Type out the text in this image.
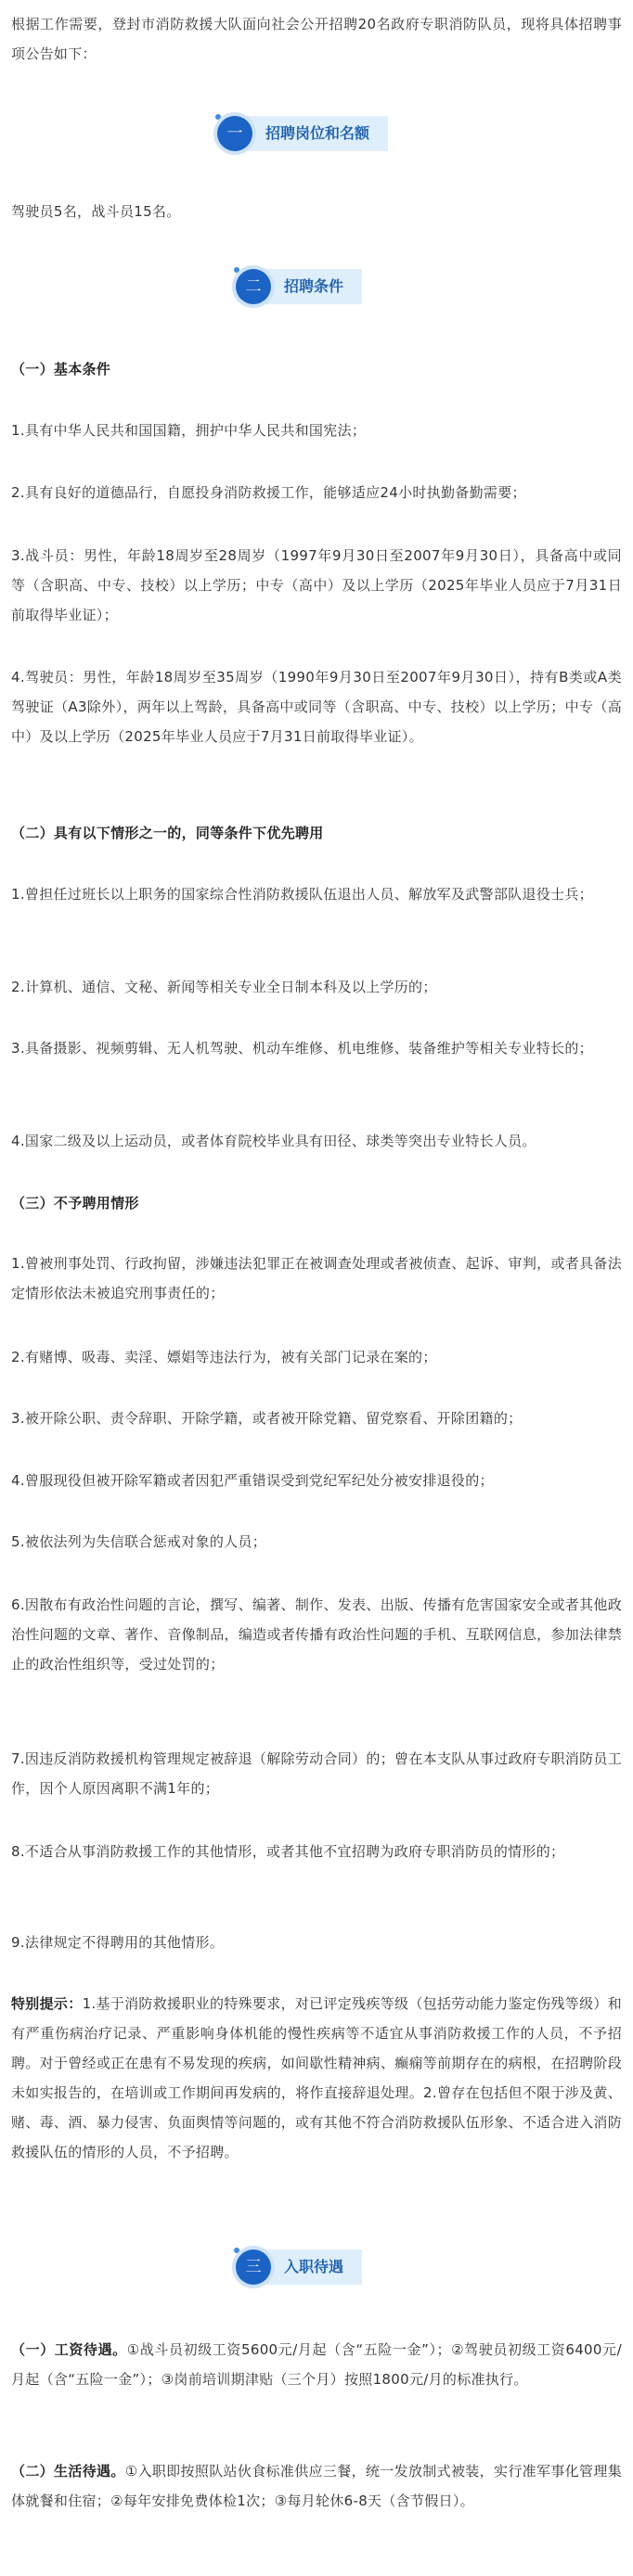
根据工作需要，登封市消防救援大队面向社会公开招聘20名政府专职消防队员，现将具体招聘事项公告如下：

一	招聘岗位和名额

驾驶员5名，战斗员15名。

二	招聘条件

（一）基本条件

1.具有中华人民共和国国籍，拥护中华人民共和国宪法；

2.具有良好的道德品行，自愿投身消防救援工作，能够适应24小时执勤备勤需要；

3.战斗员：男性，年龄18周岁至28周岁（1997年9月30日至2007年9月30日），具备高中或同等（含职高、中专、技校）以上学历；中专（高中）及以上学历（2025年毕业人员应于7月31日前取得毕业证）；

4.驾驶员：男性，年龄18周岁至35周岁（1990年9月30日至2007年9月30日），持有B类或A类驾驶证（A3除外），两年以上驾龄，具备高中或同等（含职高、中专、技校）以上学历；中专（高中）及以上学历（2025年毕业人员应于7月31日前取得毕业证）。

（二）具有以下情形之一的，同等条件下优先聘用

1.曾担任过班长以上职务的国家综合性消防救援队伍退出人员、解放军及武警部队退役士兵；

2.计算机、通信、文秘、新闻等相关专业全日制本科及以上学历的；

3.具备摄影、视频剪辑、无人机驾驶、机动车维修、机电维修、装备维护等相关专业特长的；

4.国家二级及以上运动员，或者体育院校毕业具有田径、球类等突出专业特长人员。

（三）不予聘用情形

1.曾被刑事处罚、行政拘留，涉嫌违法犯罪正在被调查处理或者被侦查、起诉、审判，或者具备法定情形依法未被追究刑事责任的；

2.有赌博、吸毒、卖淫、嫖娼等违法行为，被有关部门记录在案的；

3.被开除公职、责令辞职、开除学籍，或者被开除党籍、留党察看、开除团籍的；

4.曾服现役但被开除军籍或者因犯严重错误受到党纪军纪处分被安排退役的；

5.被依法列为失信联合惩戒对象的人员；

6.因散布有政治性问题的言论，撰写、编著、制作、发表、出版、传播有危害国家安全或者其他政治性问题的文章、著作、音像制品，编造或者传播有政治性问题的手机、互联网信息，参加法律禁止的政治性组织等，受过处罚的；

7.因违反消防救援机构管理规定被辞退（解除劳动合同）的；曾在本支队从事过政府专职消防员工作，因个人原因离职不满1年的；

8.不适合从事消防救援工作的其他情形，或者其他不宜招聘为政府专职消防员的情形的；

9.法律规定不得聘用的其他情形。

特别提示：1.基于消防救援职业的特殊要求，对已评定残疾等级（包括劳动能力鉴定伤残等级）和有严重伤病治疗记录、严重影响身体机能的慢性疾病等不适宜从事消防救援工作的人员，不予招聘。对于曾经或正在患有不易发现的疾病，如间歇性精神病、癫痫等前期存在的病根，在招聘阶段未如实报告的，在培训或工作期间再发病的，将作直接辞退处理。2.曾存在包括但不限于涉及黄、赌、毒、酒、暴力侵害、负面舆情等问题的，或有其他不符合消防救援队伍形象、不适合进入消防救援队伍的情形的人员，不予招聘。

三	入职待遇

（一）工资待遇。①战斗员初级工资5600元/月起（含“五险一金”）；②驾驶员初级工资6400元/月起（含“五险一金”）；③岗前培训期津贴（三个月）按照1800元/月的标准执行。

（二）生活待遇。①入职即按照队站伙食标准供应三餐，统一发放制式被装，实行准军事化管理集体就餐和住宿；②每年安排免费体检1次；③每月轮休6-8天（含节假日）。
